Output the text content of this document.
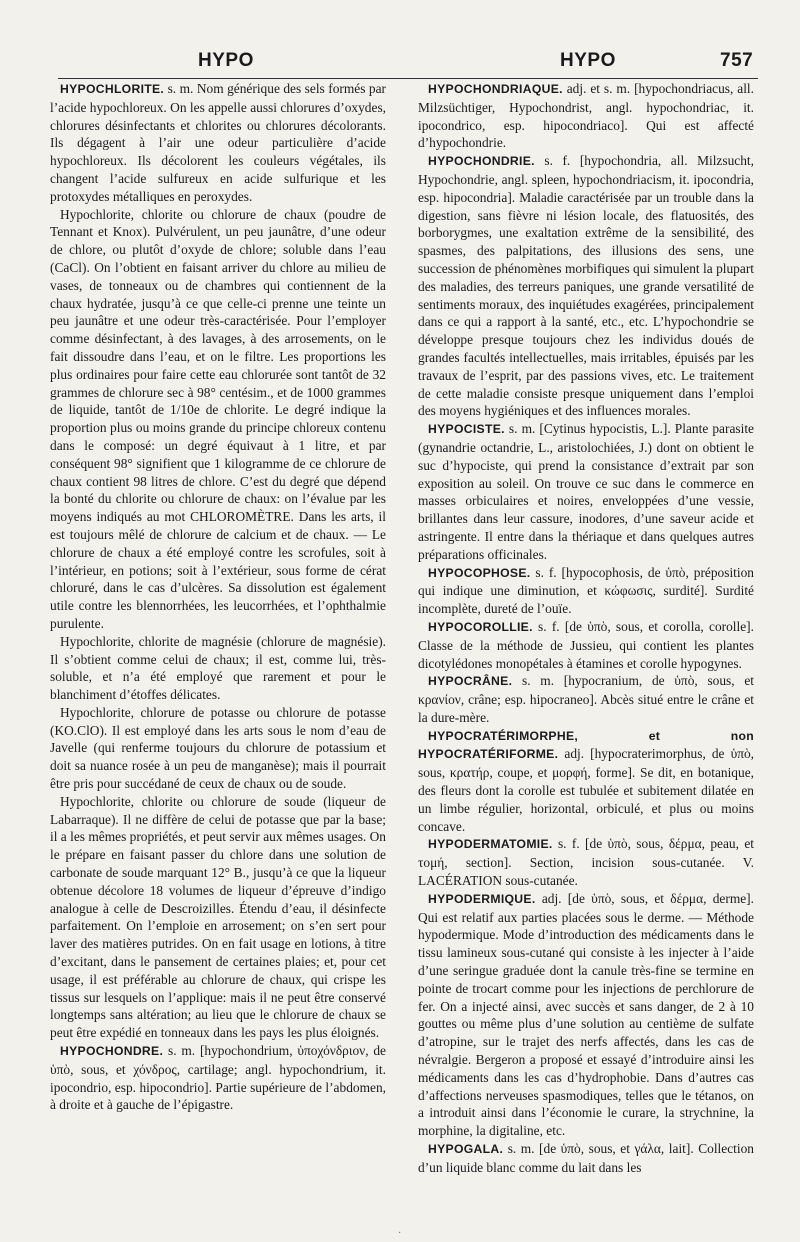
HYPO	HYPO	757

HYPOCHLORITE. s. m. Nom générique des sels formés par l’acide hypochloreux. On les appelle aussi chlorures d’oxydes, chlorures désinfectants et chlorites ou chlorures décolorants. Ils dégagent à l’air une odeur particulière d’acide hypochloreux. Ils décolorent les couleurs végétales, ils changent l’acide sulfureux en acide sulfurique et les protoxydes métalliques en peroxydes.

Hypochlorite, chlorite ou chlorure de chaux (poudre de Tennant et Knox). Pulvérulent, un peu jaunâtre, d’une odeur de chlore, ou plutôt d’oxyde de chlore; soluble dans l’eau (CaCl). On l’obtient en faisant arriver du chlore au milieu de vases, de tonneaux ou de chambres qui contiennent de la chaux hydratée, jusqu’à ce que celle-ci prenne une teinte un peu jaunâtre et une odeur très-caractérisée. Pour l’employer comme désinfectant, à des lavages, à des arrosements, on le fait dissoudre dans l’eau, et on le filtre. Les proportions les plus ordinaires pour faire cette eau chlorurée sont tantôt de 32 grammes de chlorure sec à 98° centésim., et de 1000 grammes de liquide, tantôt de 1/10e de chlorite. Le degré indique la proportion plus ou moins grande du principe chloreux contenu dans le composé: un degré équivaut à 1 litre, et par conséquent 98° signifient que 1 kilogramme de ce chlorure de chaux contient 98 litres de chlore. C’est du degré que dépend la bonté du chlorite ou chlorure de chaux: on l’évalue par les moyens indiqués au mot CHLOROMÈTRE. Dans les arts, il est toujours mêlé de chlorure de calcium et de chaux. — Le chlorure de chaux a été employé contre les scrofules, soit à l’intérieur, en potions; soit à l’extérieur, sous forme de cérat chloruré, dans le cas d’ulcères. Sa dissolution est également utile contre les blennorrhées, les leucorrhées, et l’ophthalmie purulente.

Hypochlorite, chlorite de magnésie (chlorure de magnésie). Il s’obtient comme celui de chaux; il est, comme lui, très-soluble, et n’a été employé que rarement et pour le blanchiment d’étoffes délicates.

Hypochlorite, chlorure de potasse ou chlorure de potasse (KO.ClO). Il est employé dans les arts sous le nom d’eau de Javelle (qui renferme toujours du chlorure de potassium et doit sa nuance rosée à un peu de manganèse); mais il pourrait être pris pour succédané de ceux de chaux ou de soude.

Hypochlorite, chlorite ou chlorure de soude (liqueur de Labarraque). Il ne diffère de celui de potasse que par la base; il a les mêmes propriétés, et peut servir aux mêmes usages. On le prépare en faisant passer du chlore dans une solution de carbonate de soude marquant 12° B., jusqu’à ce que la liqueur obtenue décolore 18 volumes de liqueur d’épreuve d’indigo analogue à celle de Descroizilles. Étendu d’eau, il désinfecte parfaitement. On l’emploie en arrosement; on s’en sert pour laver des matières putrides. On en fait usage en lotions, à titre d’excitant, dans le pansement de certaines plaies; et, pour cet usage, il est préférable au chlorure de chaux, qui crispe les tissus sur lesquels on l’applique: mais il ne peut être conservé longtemps sans altération; au lieu que le chlorure de chaux se peut être expédié en tonneaux dans les pays les plus éloignés.

HYPOCHONDRE. s. m. [hypochondrium, ὑποχόνδριον, de ὑπὸ, sous, et χόνδρος, cartilage; angl. hypochondrium, it. ipocondrio, esp. hipocondrio]. Partie supérieure de l’abdomen, à droite et à gauche de l’épigastre.

HYPOCHONDRIAQUE. adj. et s. m. [hypochondriacus, all. Milzsüchtiger, Hypochondrist, angl. hypochondriac, it. ipocondrico, esp. hipocondriaco]. Qui est affecté d’hypochondrie.

HYPOCHONDRIE. s. f. [hypochondria, all. Milzsucht, Hypochondrie, angl. spleen, hypochondriacism, it. ipocondria, esp. hipocondria]. Maladie caractérisée par un trouble dans la digestion, sans fièvre ni lésion locale, des flatuosités, des borborygmes, une exaltation extrême de la sensibilité, des spasmes, des palpitations, des illusions des sens, une succession de phénomènes morbifiques qui simulent la plupart des maladies, des terreurs paniques, une grande versatilité de sentiments moraux, des inquiétudes exagérées, principalement dans ce qui a rapport à la santé, etc., etc. L’hypochondrie se développe presque toujours chez les individus doués de grandes facultés intellectuelles, mais irritables, épuisés par les travaux de l’esprit, par des passions vives, etc. Le traitement de cette maladie consiste presque uniquement dans l’emploi des moyens hygiéniques et des influences morales.

HYPOCISTE. s. m. [Cytinus hypocistis, L.]. Plante parasite (gynandrie octandrie, L., aristolochiées, J.) dont on obtient le suc d’hypociste, qui prend la consistance d’extrait par son exposition au soleil. On trouve ce suc dans le commerce en masses orbiculaires et noires, enveloppées d’une vessie, brillantes dans leur cassure, inodores, d’une saveur acide et astringente. Il entre dans la thériaque et dans quelques autres préparations officinales.

HYPOCOPHOSE. s. f. [hypocophosis, de ὑπὸ, préposition qui indique une diminution, et κώφωσις, surdité]. Surdité incomplète, dureté de l’ouïe.

HYPOCOROLLIE. s. f. [de ὑπὸ, sous, et corolla, corolle]. Classe de la méthode de Jussieu, qui contient les plantes dicotylédones monopétales à étamines et corolle hypogynes.

HYPOCRÂNE. s. m. [hypocranium, de ὑπὸ, sous, et κρανίον, crâne; esp. hipocraneo]. Abcès situé entre le crâne et la dure-mère.

HYPOCRATÉRIMORPHE, et non HYPOCRATÉRIFORME. adj. [hypocraterimorphus, de ὑπὸ, sous, κρατήρ, coupe, et μορφή, forme]. Se dit, en botanique, des fleurs dont la corolle est tubulée et subitement dilatée en un limbe régulier, horizontal, orbiculé, et plus ou moins concave.

HYPODERMATOMIE. s. f. [de ὑπὸ, sous, δέρμα, peau, et τομή, section]. Section, incision sous-cutanée. V. LACÉRATION sous-cutanée.

HYPODERMIQUE. adj. [de ὑπὸ, sous, et δέρμα, derme]. Qui est relatif aux parties placées sous le derme. — Méthode hypodermique. Mode d’introduction des médicaments dans le tissu lamineux sous-cutané qui consiste à les injecter à l’aide d’une seringue graduée dont la canule très-fine se termine en pointe de trocart comme pour les injections de perchlorure de fer. On a injecté ainsi, avec succès et sans danger, de 2 à 10 gouttes ou même plus d’une solution au centième de sulfate d’atropine, sur le trajet des nerfs affectés, dans les cas de névralgie. Bergeron a proposé et essayé d’introduire ainsi les médicaments dans les cas d’hydrophobie. Dans d’autres cas d’affections nerveuses spasmodiques, telles que le tétanos, on a introduit ainsi dans l’économie le curare, la strychnine, la morphine, la digitaline, etc.

HYPOGALA. s. m. [de ὑπὸ, sous, et γάλα, lait]. Collection d’un liquide blanc comme du lait dans les

·
